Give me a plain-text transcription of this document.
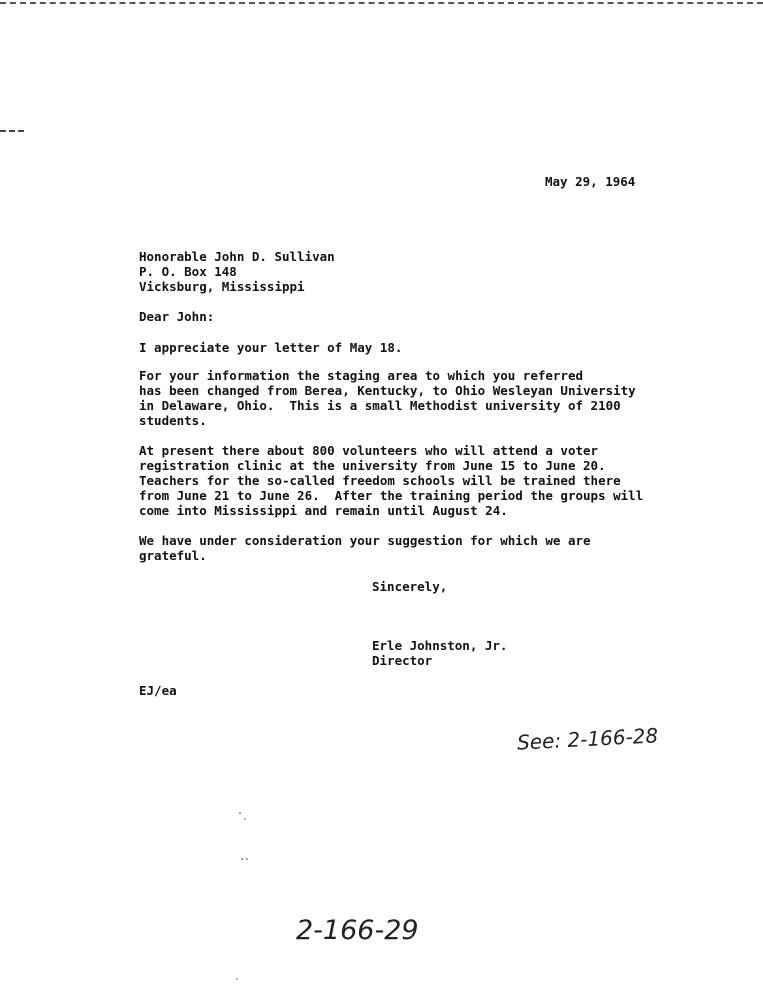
May 29, 1964
Honorable John D. Sullivan
P. O. Box 148
Vicksburg, Mississippi
Dear John:
I appreciate your letter of May 18.
For your information the staging area to which you referred
has been changed from Berea, Kentucky, to Ohio Wesleyan University
in Delaware, Ohio.  This is a small Methodist university of 2100
students.
At present there about 800 volunteers who will attend a voter
registration clinic at the university from June 15 to June 20.
Teachers for the so-called freedom schools will be trained there
from June 21 to June 26.  After the training period the groups will
come into Mississippi and remain until August 24.
We have under consideration your suggestion for which we are
grateful.
Sincerely,
Erle Johnston, Jr.
Director
EJ/ea
See: 2-166-28
2-166-29
